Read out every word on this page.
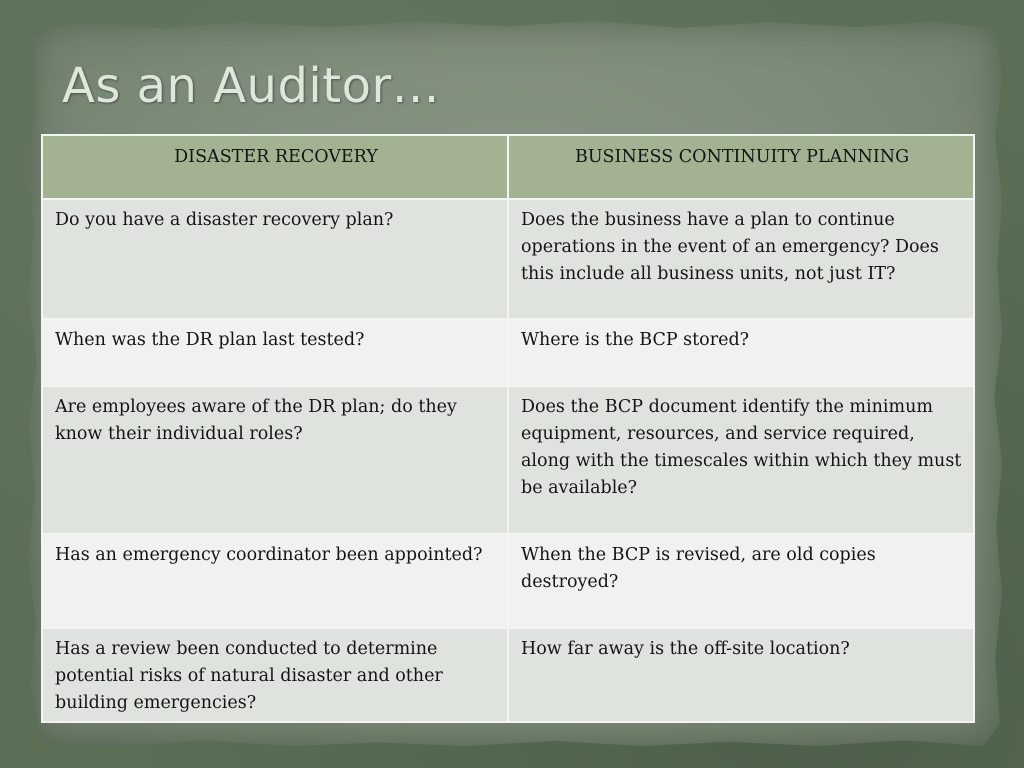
As an Auditor…
DISASTER RECOVERY	BUSINESS CONTINUITY PLANNING
Do you have a disaster recovery plan?	Does the business have a plan to continue operations in the event of an emergency? Does this include all business units, not just IT?
When was the DR plan last tested?	Where is the BCP stored?
Are employees aware of the DR plan; do they know their individual roles?	Does the BCP document identify the minimum equipment, resources, and service required, along with the timescales within which they must be available?
Has an emergency coordinator been appointed?	When the BCP is revised, are old copies destroyed?
Has a review been conducted to determine potential risks of natural disaster and other building emergencies?	How far away is the off-site location?
